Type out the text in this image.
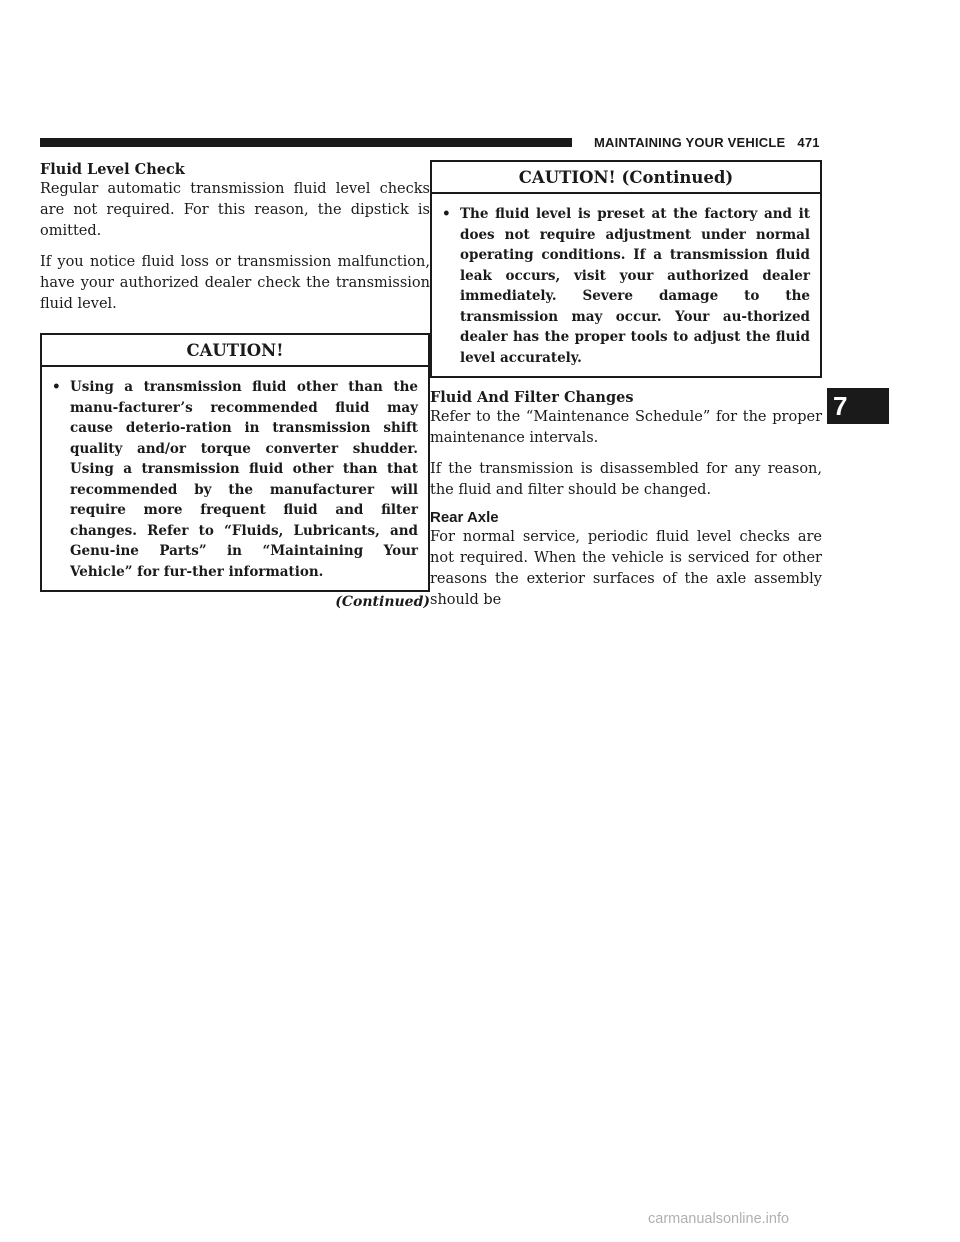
MAINTAINING YOUR VEHICLE 471

Fluid Level Check

Regular automatic transmission fluid level checks are not required. For this reason, the dipstick is omitted.

If you notice fluid loss or transmission malfunction, have your authorized dealer check the transmission fluid level.

CAUTION!
• Using a transmission fluid other than the manu-facturer’s recommended fluid may cause deterio-ration in transmission shift quality and/or torque converter shudder. Using a transmission fluid other than that recommended by the manufacturer will require more frequent fluid and filter changes. Refer to “Fluids, Lubricants, and Genu-ine Parts” in “Maintaining Your Vehicle” for fur-ther information.
(Continued)
CAUTION! (Continued)
• The fluid level is preset at the factory and it does not require adjustment under normal operating conditions. If a transmission fluid leak occurs, visit your authorized dealer immediately. Severe damage to the transmission may occur. Your au-thorized dealer has the proper tools to adjust the fluid level accurately.

Fluid And Filter Changes

Refer to the “Maintenance Schedule” for the proper maintenance intervals.

If the transmission is disassembled for any reason, the fluid and filter should be changed.

Rear Axle

For normal service, periodic fluid level checks are not required. When the vehicle is serviced for other reasons the exterior surfaces of the axle assembly should be

7
carmanualsonline.info
